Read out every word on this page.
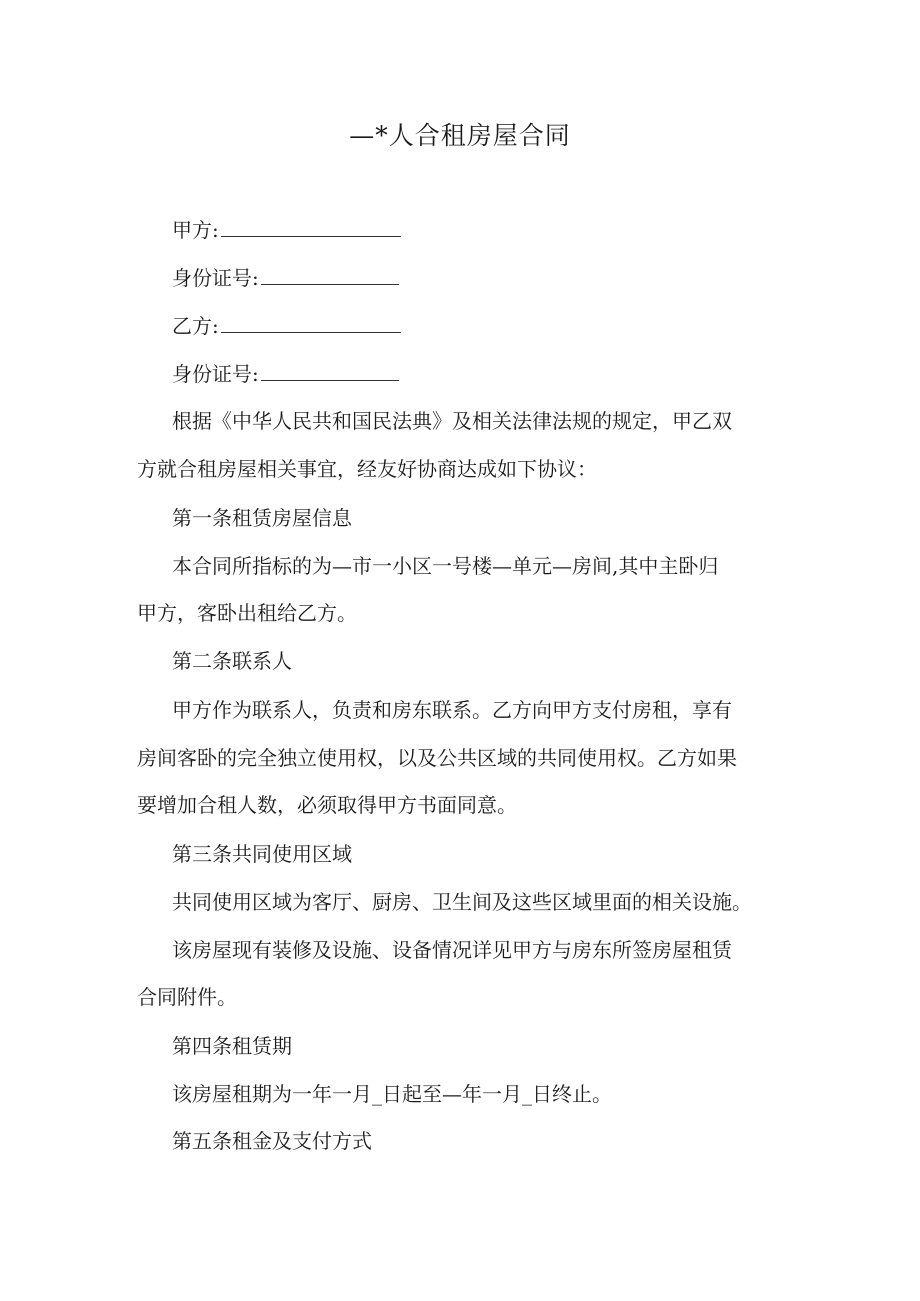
—*人合租房屋合同
甲方:
身份证号:
乙方:
身份证号:
根据《中华人民共和国民法典》及相关法律法规的规定，甲乙双
方就合租房屋相关事宜，经友好协商达成如下协议：
第一条租赁房屋信息
本合同所指标的为—市一小区一号楼—单元—房间,其中主卧归
甲方，客卧出租给乙方。
第二条联系人
甲方作为联系人，负责和房东联系。乙方向甲方支付房租，享有
房间客卧的完全独立使用权，以及公共区域的共同使用权。乙方如果
要增加合租人数，必须取得甲方书面同意。
第三条共同使用区域
共同使用区域为客厅、厨房、卫生间及这些区域里面的相关设施。
该房屋现有装修及设施、设备情况详见甲方与房东所签房屋租赁
合同附件。
第四条租赁期
该房屋租期为一年一月_日起至—年一月_日终止。
第五条租金及支付方式
